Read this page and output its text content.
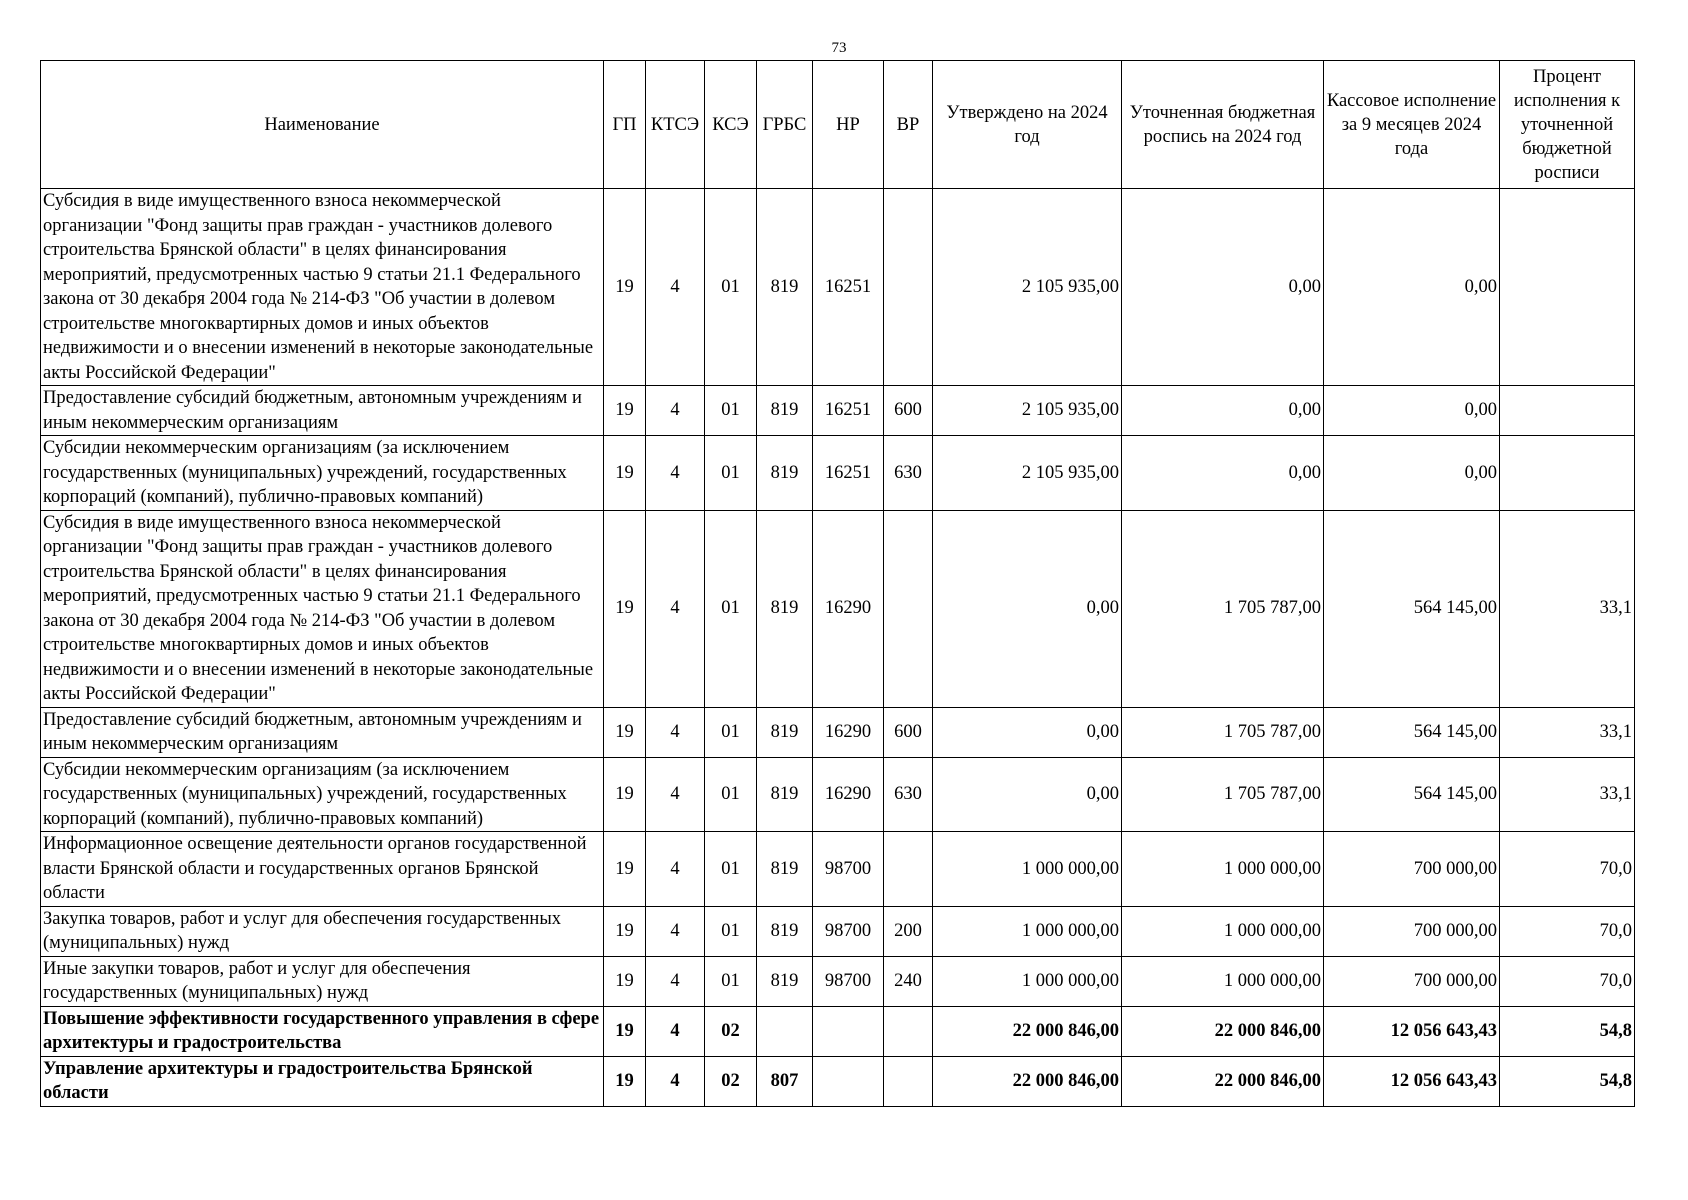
73
Наименование	ГП	КТСЭ	КСЭ	ГРБС	НР	ВР	Утверждено на 2024 год	Уточненная бюджетная роспись на 2024 год	Кассовое исполнение за 9 месяцев 2024 года	Процент исполнения к уточненной бюджетной росписи
Субсидия в виде имущественного взноса некоммерческой организации "Фонд защиты прав граждан - участников долевого строительства Брянской области" в целях финансирования мероприятий, предусмотренных частью 9 статьи 21.1 Федерального закона от 30 декабря 2004 года № 214-ФЗ "Об участии в долевом строительстве многоквартирных домов и иных объектов недвижимости и о внесении изменений в некоторые законодательные акты Российской Федерации"	19	4	01	819	16251		2 105 935,00	0,00	0,00	
Предоставление субсидий бюджетным, автономным учреждениям и иным некоммерческим организациям	19	4	01	819	16251	600	2 105 935,00	0,00	0,00	
Субсидии некоммерческим организациям (за исключением государственных (муниципальных) учреждений, государственных корпораций (компаний), публично-правовых компаний)	19	4	01	819	16251	630	2 105 935,00	0,00	0,00	
Субсидия в виде имущественного взноса некоммерческой организации "Фонд защиты прав граждан - участников долевого строительства Брянской области" в целях финансирования мероприятий, предусмотренных частью 9 статьи 21.1 Федерального закона от 30 декабря 2004 года № 214-ФЗ "Об участии в долевом строительстве многоквартирных домов и иных объектов недвижимости и о внесении изменений в некоторые законодательные акты Российской Федерации"	19	4	01	819	16290		0,00	1 705 787,00	564 145,00	33,1
Предоставление субсидий бюджетным, автономным учреждениям и иным некоммерческим организациям	19	4	01	819	16290	600	0,00	1 705 787,00	564 145,00	33,1
Субсидии некоммерческим организациям (за исключением государственных (муниципальных) учреждений, государственных корпораций (компаний), публично-правовых компаний)	19	4	01	819	16290	630	0,00	1 705 787,00	564 145,00	33,1
Информационное освещение деятельности органов государственной власти Брянской области и государственных органов Брянской области	19	4	01	819	98700		1 000 000,00	1 000 000,00	700 000,00	70,0
Закупка товаров, работ и услуг для обеспечения государственных (муниципальных) нужд	19	4	01	819	98700	200	1 000 000,00	1 000 000,00	700 000,00	70,0
Иные закупки товаров, работ и услуг для обеспечения государственных (муниципальных) нужд	19	4	01	819	98700	240	1 000 000,00	1 000 000,00	700 000,00	70,0
Повышение эффективности государственного управления в сфере архитектуры и градостроительства	19	4	02				22 000 846,00	22 000 846,00	12 056 643,43	54,8
Управление архитектуры и градостроительства Брянской области	19	4	02	807			22 000 846,00	22 000 846,00	12 056 643,43	54,8
